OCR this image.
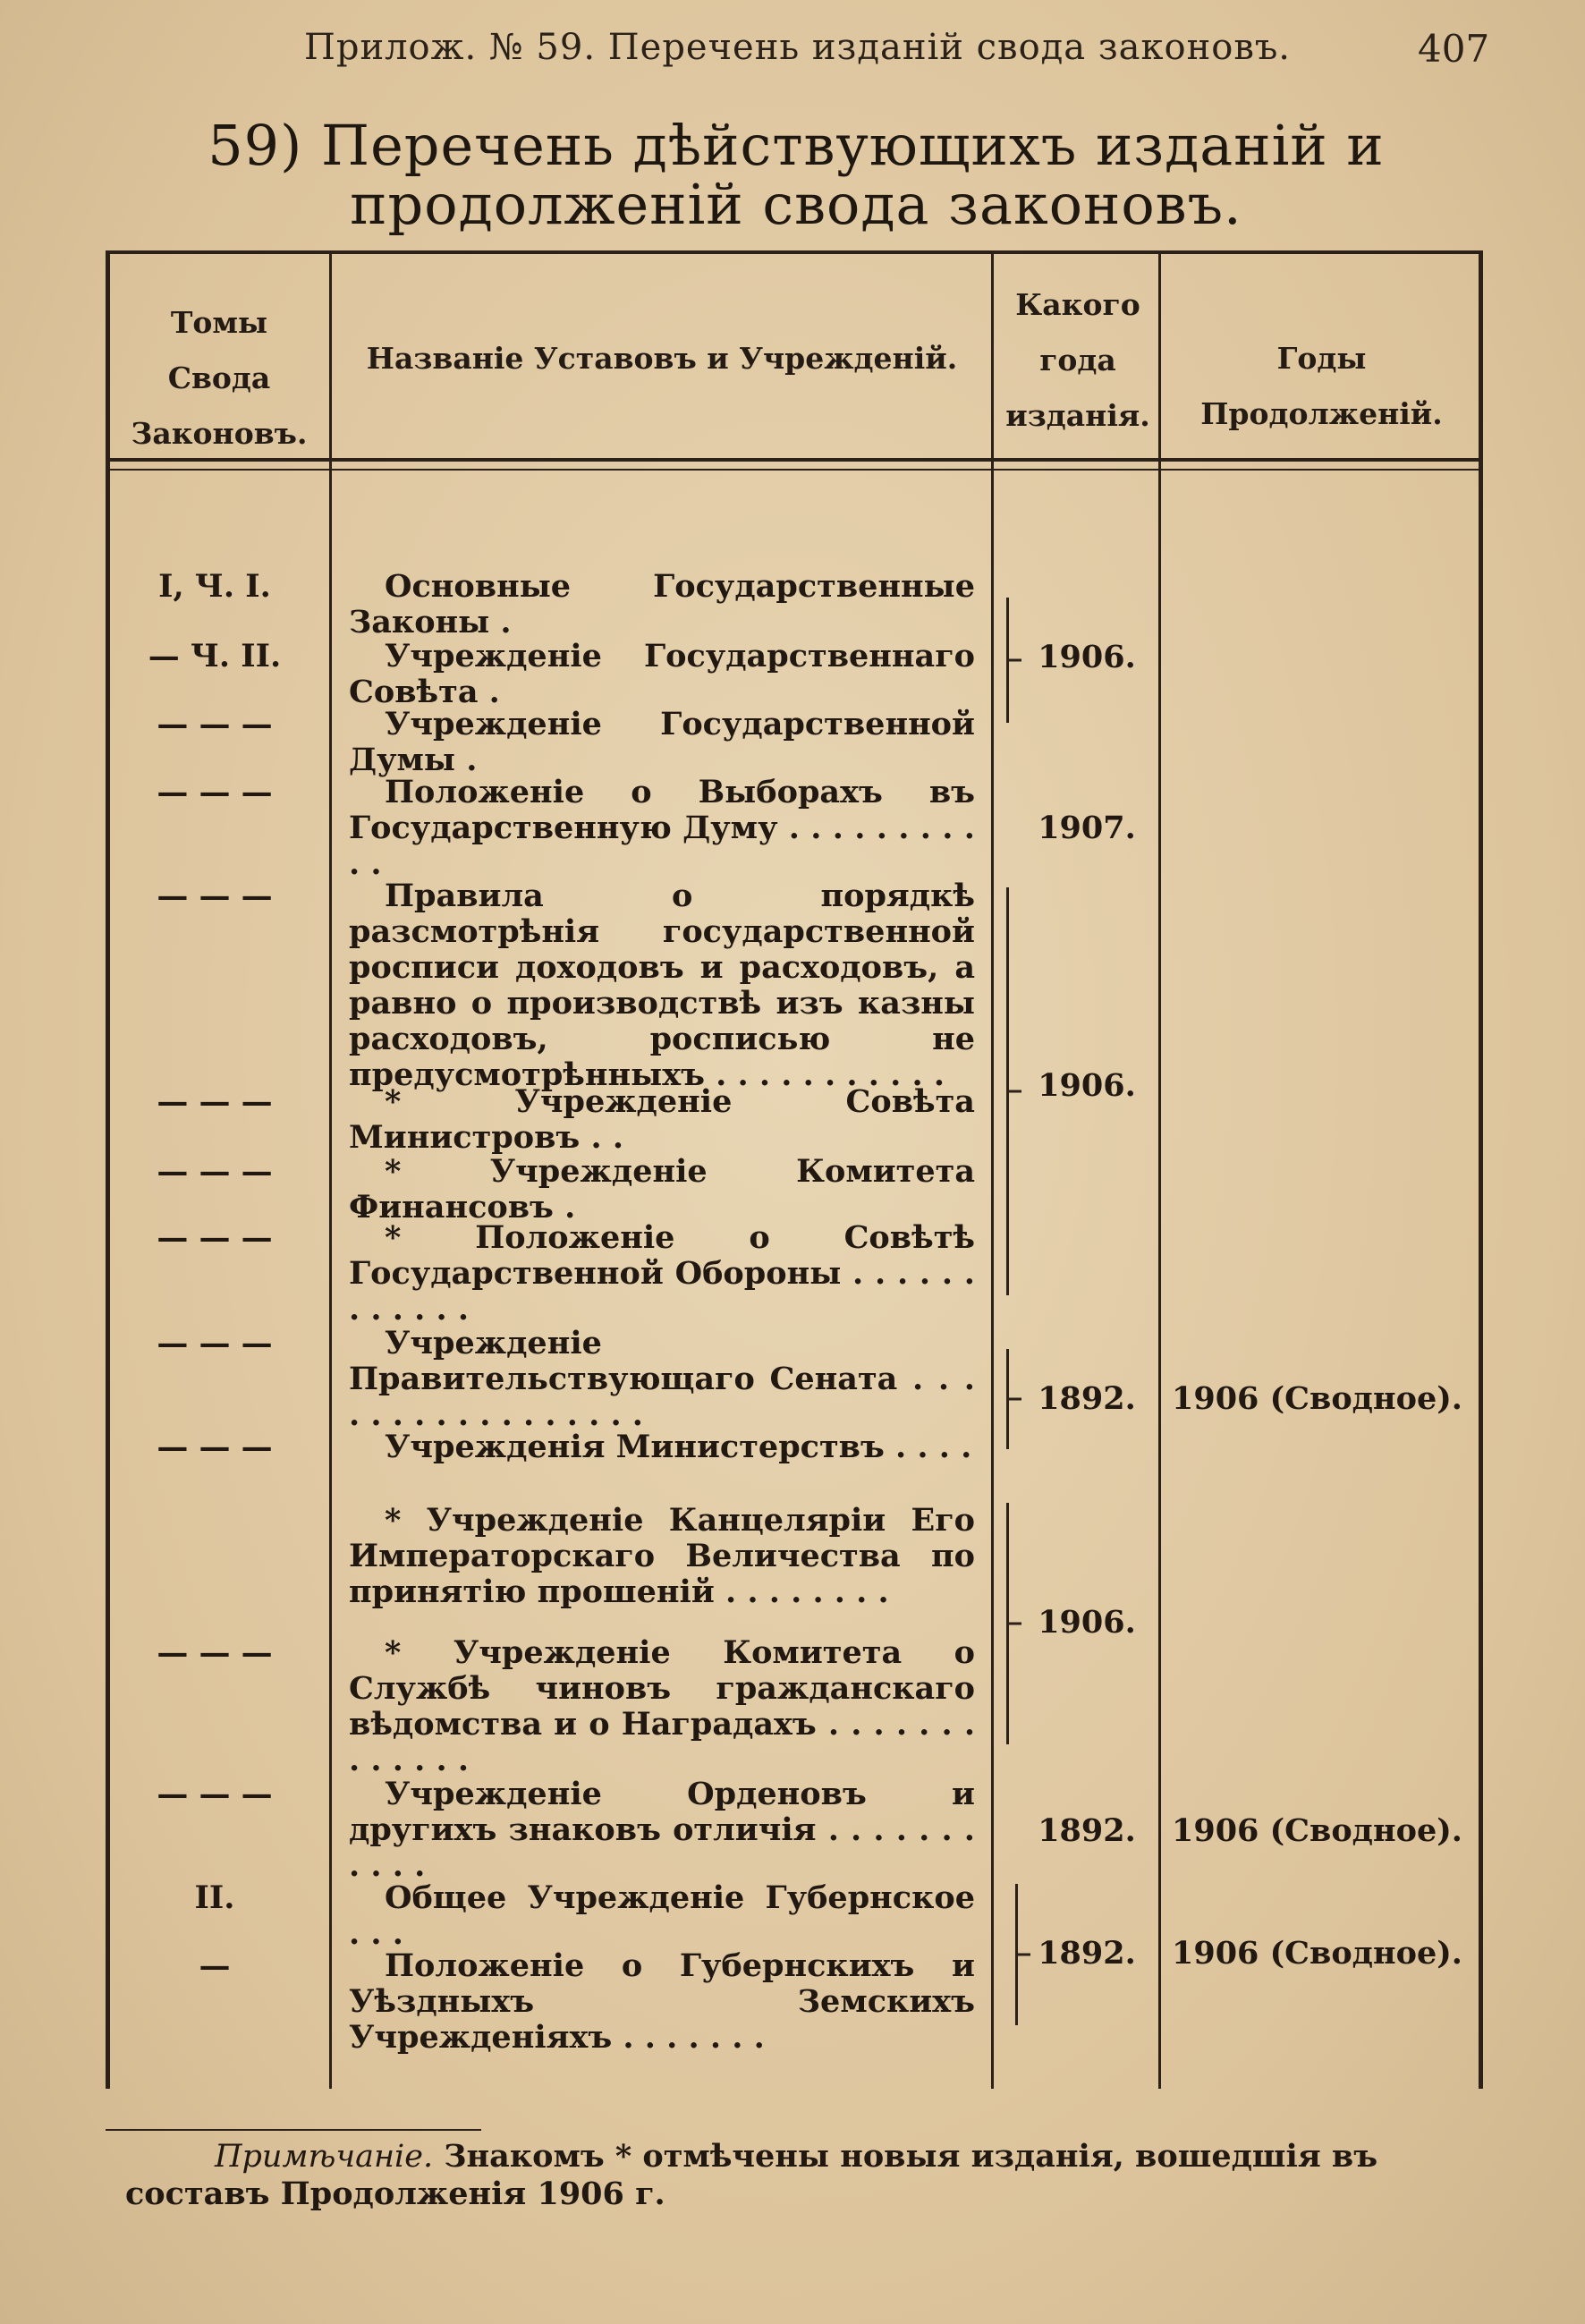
Прилож. № 59. Перечень изданій свода законовъ.	407
59) Перечень дѣйствующихъ изданій и продолженій свода законовъ.
Томы Свода Законовъ.
Названіе Уставовъ и Учрежденій.
Какого года изданія.
Годы Продолженій.
I, Ч. I.
— Ч. II.
— — —
— — —
— — —
— — —
— — —
— — —
— — —
— — —
— — —
— — —
II.
—
Основные Государственные Законы .
Учрежденіе Государственнаго Совѣта .
Учрежденіе Государственной Думы .
Положеніе о Выборахъ въ Государственную Думу . . . . . . . . . . .
Правила о порядкѣ разсмотрѣнія государственной росписи доходовъ и расходовъ, а равно о производствѣ изъ казны расходовъ, росписью не предусмотрѣнныхъ . . . . . . . . . . .
* Учрежденіе Совѣта Министровъ . .
* Учрежденіе Комитета Финансовъ .
* Положеніе о Совѣтѣ Государственной Обороны . . . . . . . . . . . .
Учрежденіе Правительствующаго Сената . . . . . . . . . . . . . . . . .
Учрежденія Министерствъ . . . .
* Учрежденіе Канцеляріи Его Императорскаго Величества по принятію прошеній . . . . . . . .
* Учрежденіе Комитета о Службѣ чиновъ гражданскаго вѣдомства и о Наградахъ . . . . . . . . . . . . .
Учрежденіе Орденовъ и другихъ знаковъ отличія . . . . . . . . . . .
Общее Учрежденіе Губернское . . .
Положеніе о Губернскихъ и Уѣздныхъ Земскихъ Учрежденіяхъ . . . . . . .
1906.
1907.
1906.
1892.
1906.
1892.
1892.
1906 (Сводное).
1906 (Сводное).
1906 (Сводное).
Примѣчаніе. Знакомъ * отмѣчены новыя изданія, вошедшія въ составъ Продолженія 1906 г.
